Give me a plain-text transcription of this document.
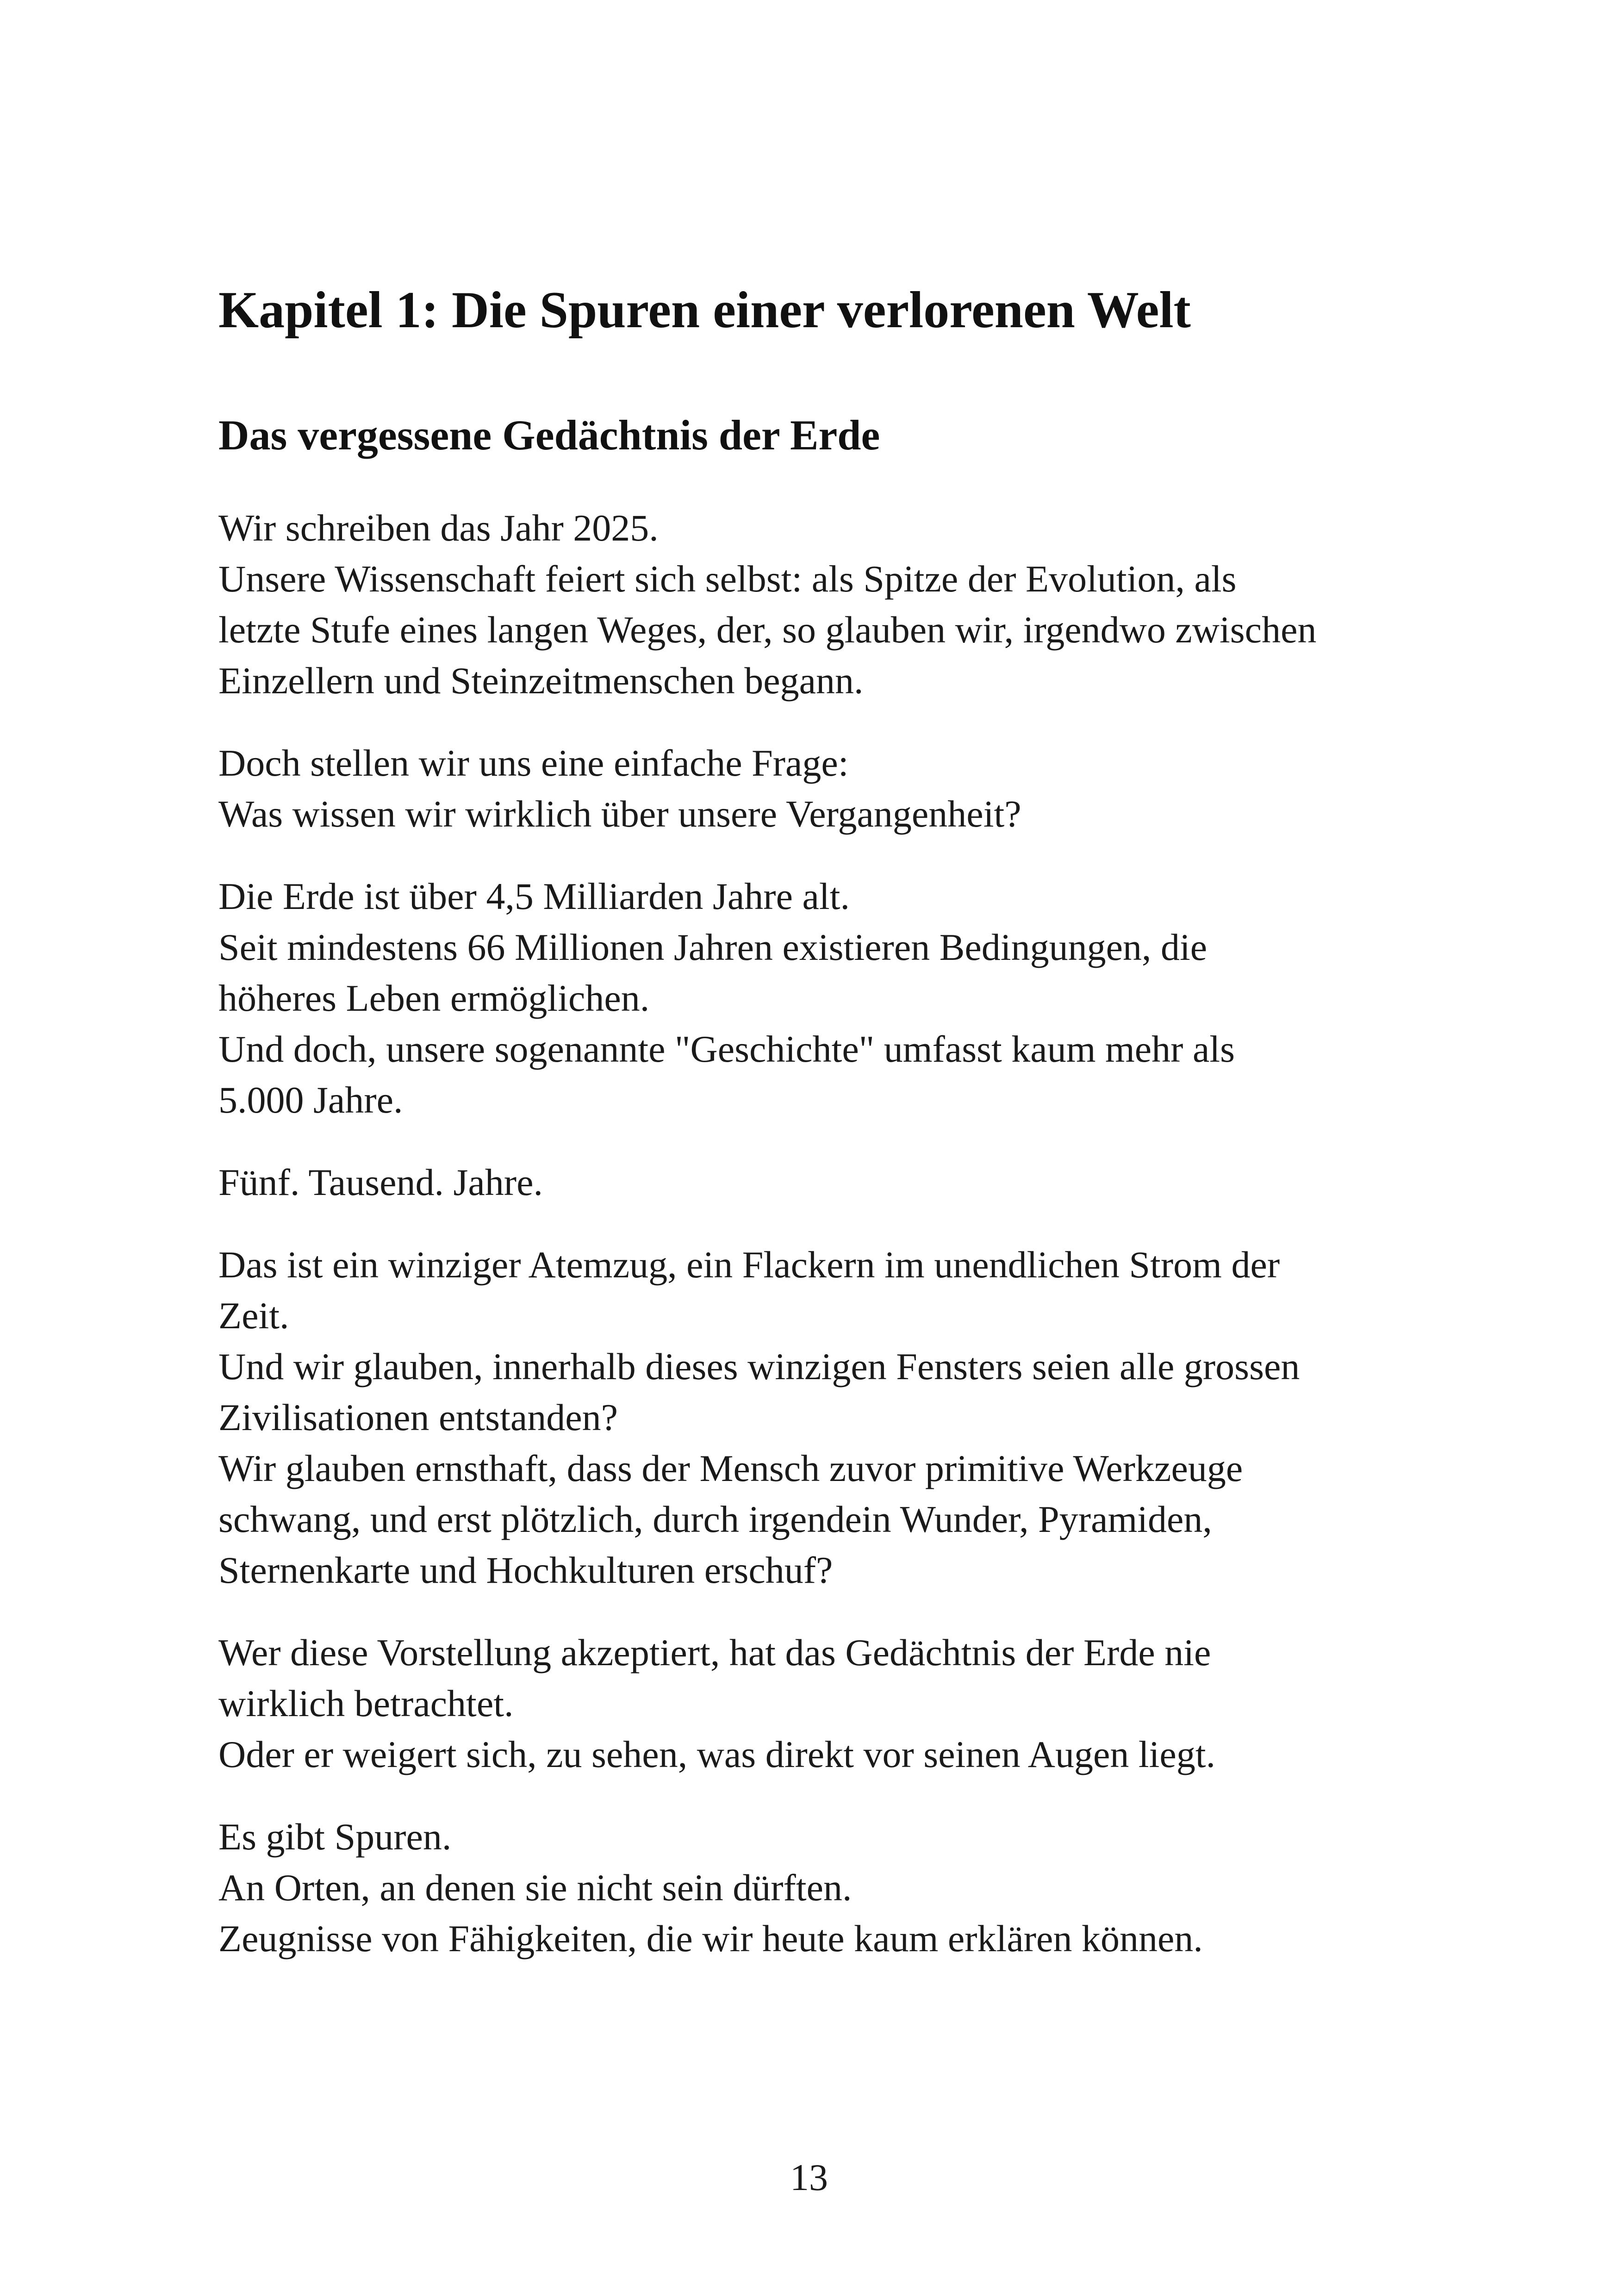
Kapitel 1: Die Spuren einer verlorenen Welt
Das vergessene Gedächtnis der Erde

Wir schreiben das Jahr 2025.
Unsere Wissenschaft feiert sich selbst: als Spitze der Evolution, als
letzte Stufe eines langen Weges, der, so glauben wir, irgendwo zwischen
Einzellern und Steinzeitmenschen begann.

Doch stellen wir uns eine einfache Frage:
Was wissen wir wirklich über unsere Vergangenheit?

Die Erde ist über 4,5 Milliarden Jahre alt.
Seit mindestens 66 Millionen Jahren existieren Bedingungen, die
höheres Leben ermöglichen.
Und doch, unsere sogenannte "Geschichte" umfasst kaum mehr als
5.000 Jahre.

Fünf. Tausend. Jahre.

Das ist ein winziger Atemzug, ein Flackern im unendlichen Strom der
Zeit.
Und wir glauben, innerhalb dieses winzigen Fensters seien alle grossen
Zivilisationen entstanden?
Wir glauben ernsthaft, dass der Mensch zuvor primitive Werkzeuge
schwang, und erst plötzlich, durch irgendein Wunder, Pyramiden,
Sternenkarte und Hochkulturen erschuf?

Wer diese Vorstellung akzeptiert, hat das Gedächtnis der Erde nie
wirklich betrachtet.
Oder er weigert sich, zu sehen, was direkt vor seinen Augen liegt.

Es gibt Spuren.
An Orten, an denen sie nicht sein dürften.
Zeugnisse von Fähigkeiten, die wir heute kaum erklären können.

13
